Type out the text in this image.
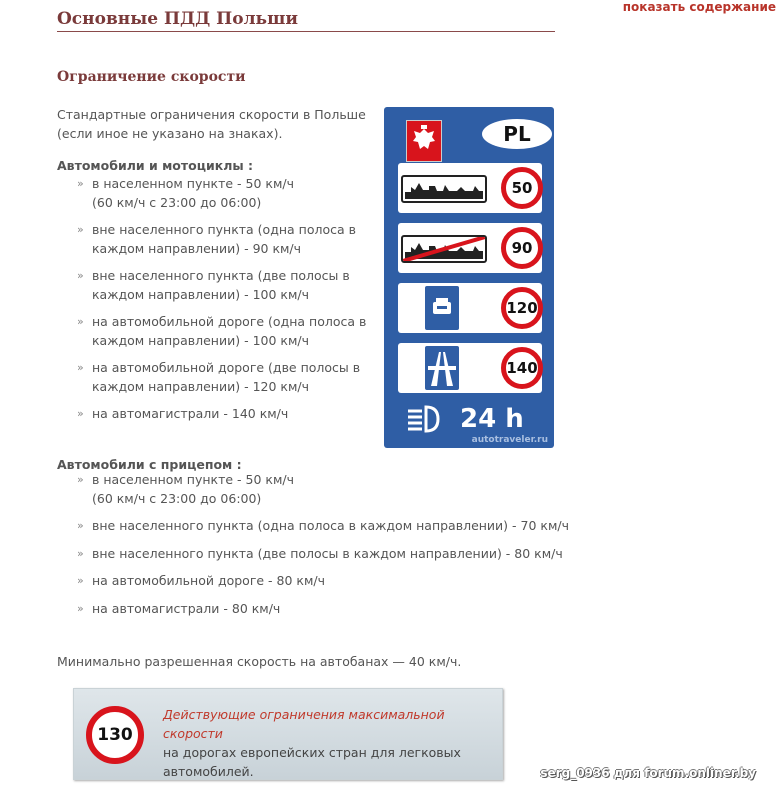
показать содержание
Основные ПДД Польши
Ограничение скорости
Стандартные ограничения скорости в Польше (если иное не указано на знаках).
Автомобили и мотоциклы :
» в населенном пункте - 50 км/ч
(60 км/ч с 23:00 до 06:00)
» вне населенного пункта (одна полоса в каждом направлении) - 90 км/ч
» вне населенного пункта (две полосы в каждом направлении) - 100 км/ч
» на автомобильной дороге (одна полоса в каждом направлении) - 100 км/ч
» на автомобильной дороге (две полосы в каждом направлении) - 120 км/ч
» на автомагистрали - 140 км/ч
PL
50
90
120
140
24 h
autotraveler.ru
Автомобили с прицепом :
» в населенном пункте - 50 км/ч
(60 км/ч с 23:00 до 06:00)
» вне населенного пункта (одна полоса в каждом направлении) - 70 км/ч
» вне населенного пункта (две полосы в каждом направлении) - 80 км/ч
» на автомобильной дороге - 80 км/ч
» на автомагистрали - 80 км/ч
Минимально разрешенная скорость на автобанах — 40 км/ч.
130
Действующие ограничения максимальной скорости
на дорогах европейских стран для легковых автомобилей.	serg_0936 для forum.onliner.by
